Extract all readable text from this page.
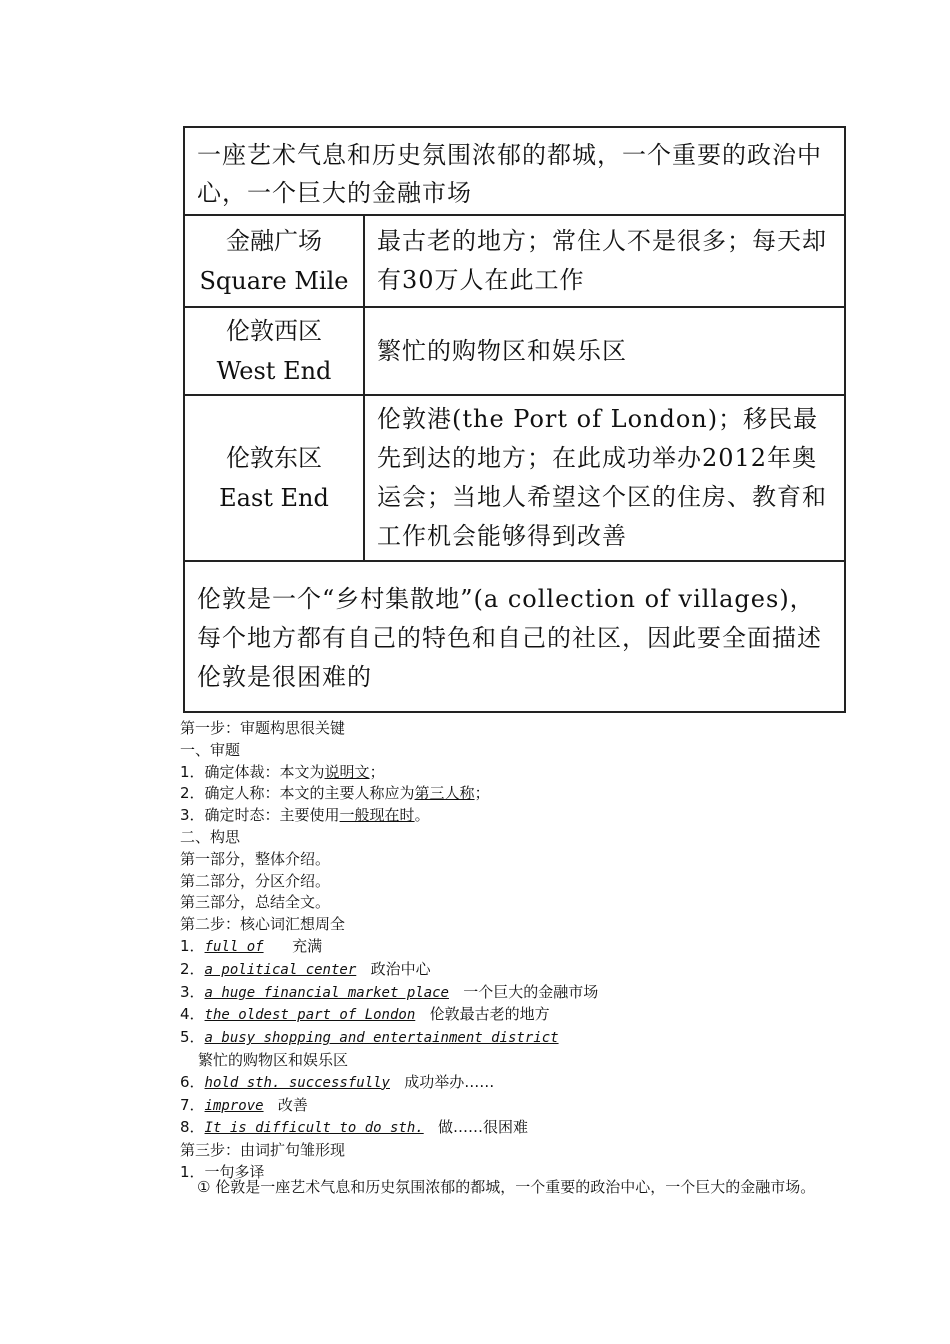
一座艺术气息和历史氛围浓郁的都城，一个重要的政治中心，一个巨大的金融市场
金融广场
Square Mile
最古老的地方；常住人不是很多；每天却有30万人在此工作
伦敦西区
West End
繁忙的购物区和娱乐区
伦敦东区
East End
伦敦港(the Port of London)；移民最先到达的地方；在此成功举办2012年奥运会；当地人希望这个区的住房、教育和工作机会能够得到改善
伦敦是一个“乡村集散地”(a collection of villages)，每个地方都有自己的特色和自己的社区，因此要全面描述伦敦是很困难的
第一步：审题构思很关键
一、审题
1．确定体裁：本文为说明文；
2．确定人称：本文的主要人称应为第三人称；
3．确定时态：主要使用一般现在时。
二、构思
第一部分，整体介绍。
第二部分，分区介绍。
第三部分，总结全文。
第二步：核心词汇想周全
1．full of 充满
2．a political center 政治中心
3．a huge financial market place 一个巨大的金融市场
4．the oldest part of London 伦敦最古老的地方
5．a busy shopping and entertainment district
繁忙的购物区和娱乐区
6．hold sth. successfully 成功举办……
7．improve 改善
8．It is difficult to do sth. 做……很困难
第三步：由词扩句雏形现
1．一句多译
① 伦敦是一座艺术气息和历史氛围浓郁的都城，一个重要的政治中心，一个巨大的金融市场。
